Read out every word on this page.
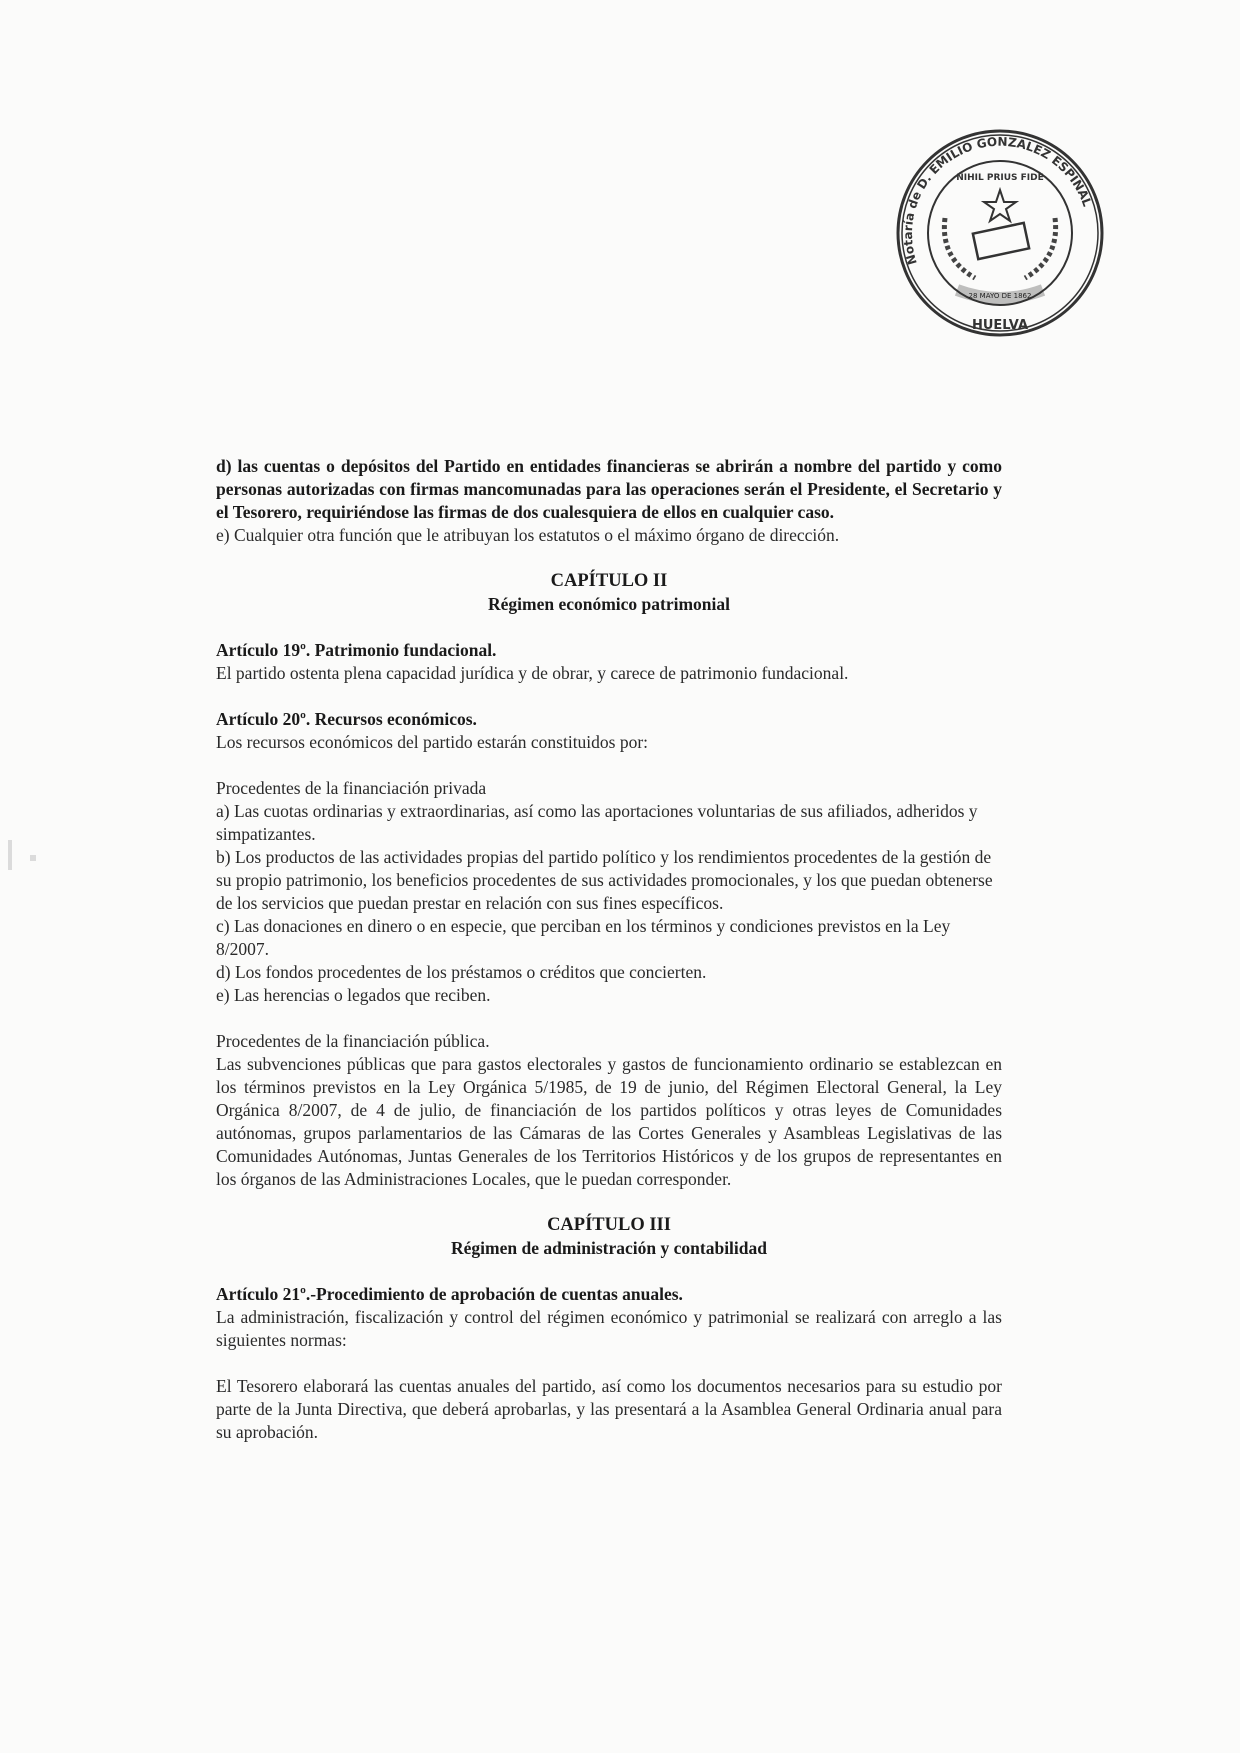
Notaría de D. EMILIO GONZALEZ ESPINAL
HUELVA
NIHIL PRIUS FIDE
28 MAYO DE 1862

d) las cuentas o depósitos del Partido en entidades financieras se abrirán a nombre del partido y como personas autorizadas con firmas mancomunadas para las operaciones serán el Presidente, el Secretario y el Tesorero, requiriéndose las firmas de dos cualesquiera de ellos en cualquier caso.

e) Cualquier otra función que le atribuyan los estatutos o el máximo órgano de dirección.

CAPÍTULO II
Régimen económico patrimonial

Artículo 19º. Patrimonio fundacional.

El partido ostenta plena capacidad jurídica y de obrar, y carece de patrimonio fundacional.

Artículo 20º. Recursos económicos.

Los recursos económicos del partido estarán constituidos por:

Procedentes de la financiación privada

a) Las cuotas ordinarias y extraordinarias, así como las aportaciones voluntarias de sus afiliados, adheridos y simpatizantes.

b) Los productos de las actividades propias del partido político y los rendimientos procedentes de la gestión de su propio patrimonio, los beneficios procedentes de sus actividades promocionales, y los que puedan obtenerse de los servicios que puedan prestar en relación con sus fines específicos.

c) Las donaciones en dinero o en especie, que perciban en los términos y condiciones previstos en la Ley 8/2007.

d) Los fondos procedentes de los préstamos o créditos que concierten.

e) Las herencias o legados que reciben.

Procedentes de la financiación pública.

Las subvenciones públicas que para gastos electorales y gastos de funcionamiento ordinario se establezcan en los términos previstos en la Ley Orgánica 5/1985, de 19 de junio, del Régimen Electoral General, la Ley Orgánica 8/2007, de 4 de julio, de financiación de los partidos políticos y otras leyes de Comunidades autónomas, grupos parlamentarios de las Cámaras de las Cortes Generales y Asambleas Legislativas de las Comunidades Autónomas, Juntas Generales de los Territorios Históricos y de los grupos de representantes en los órganos de las Administraciones Locales, que le puedan corresponder.

CAPÍTULO III
Régimen de administración y contabilidad

Artículo 21º.-Procedimiento de aprobación de cuentas anuales.

La administración, fiscalización y control del régimen económico y patrimonial se realizará con arreglo a las siguientes normas:

El Tesorero elaborará las cuentas anuales del partido, así como los documentos necesarios para su estudio por parte de la Junta Directiva, que deberá aprobarlas, y las presentará a la Asamblea General Ordinaria anual para su aprobación.
